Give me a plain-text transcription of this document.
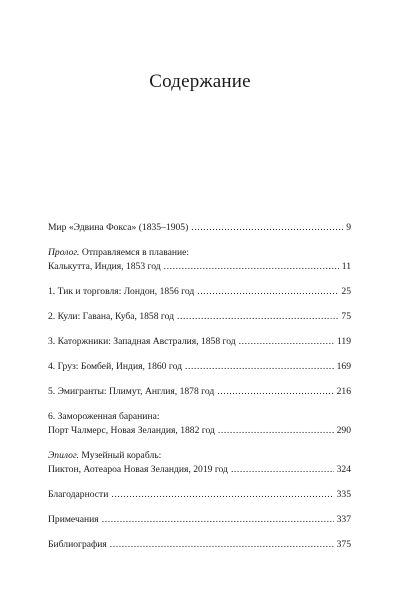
Содержание
Мир «Эдвина Фокса» (1835–1905) .....	9
Пролог.
Отправляемся в плавание:
Калькутта, Индия, 1853 год .....	11
1. Тик и торговля: Лондон, 1856 год .....	25
2. Кули: Гавана, Куба, 1858 год .....	75
3. Каторжники: Западная Австралия, 1858 год .....	119
4. Груз: Бомбей, Индия, 1860 год .....	169
5. Эмигранты: Плимут, Англия, 1878 год .....	216
6. Замороженная баранина:
Порт Чалмерс, Новая Зеландия, 1882 год .....	290
Эпилог.
Музейный корабль:
Пиктон, Аотеароа Новая Зеландия, 2019 год .....	324
Благодарности .....	335
Примечания .....	337
Библиография .....	375
